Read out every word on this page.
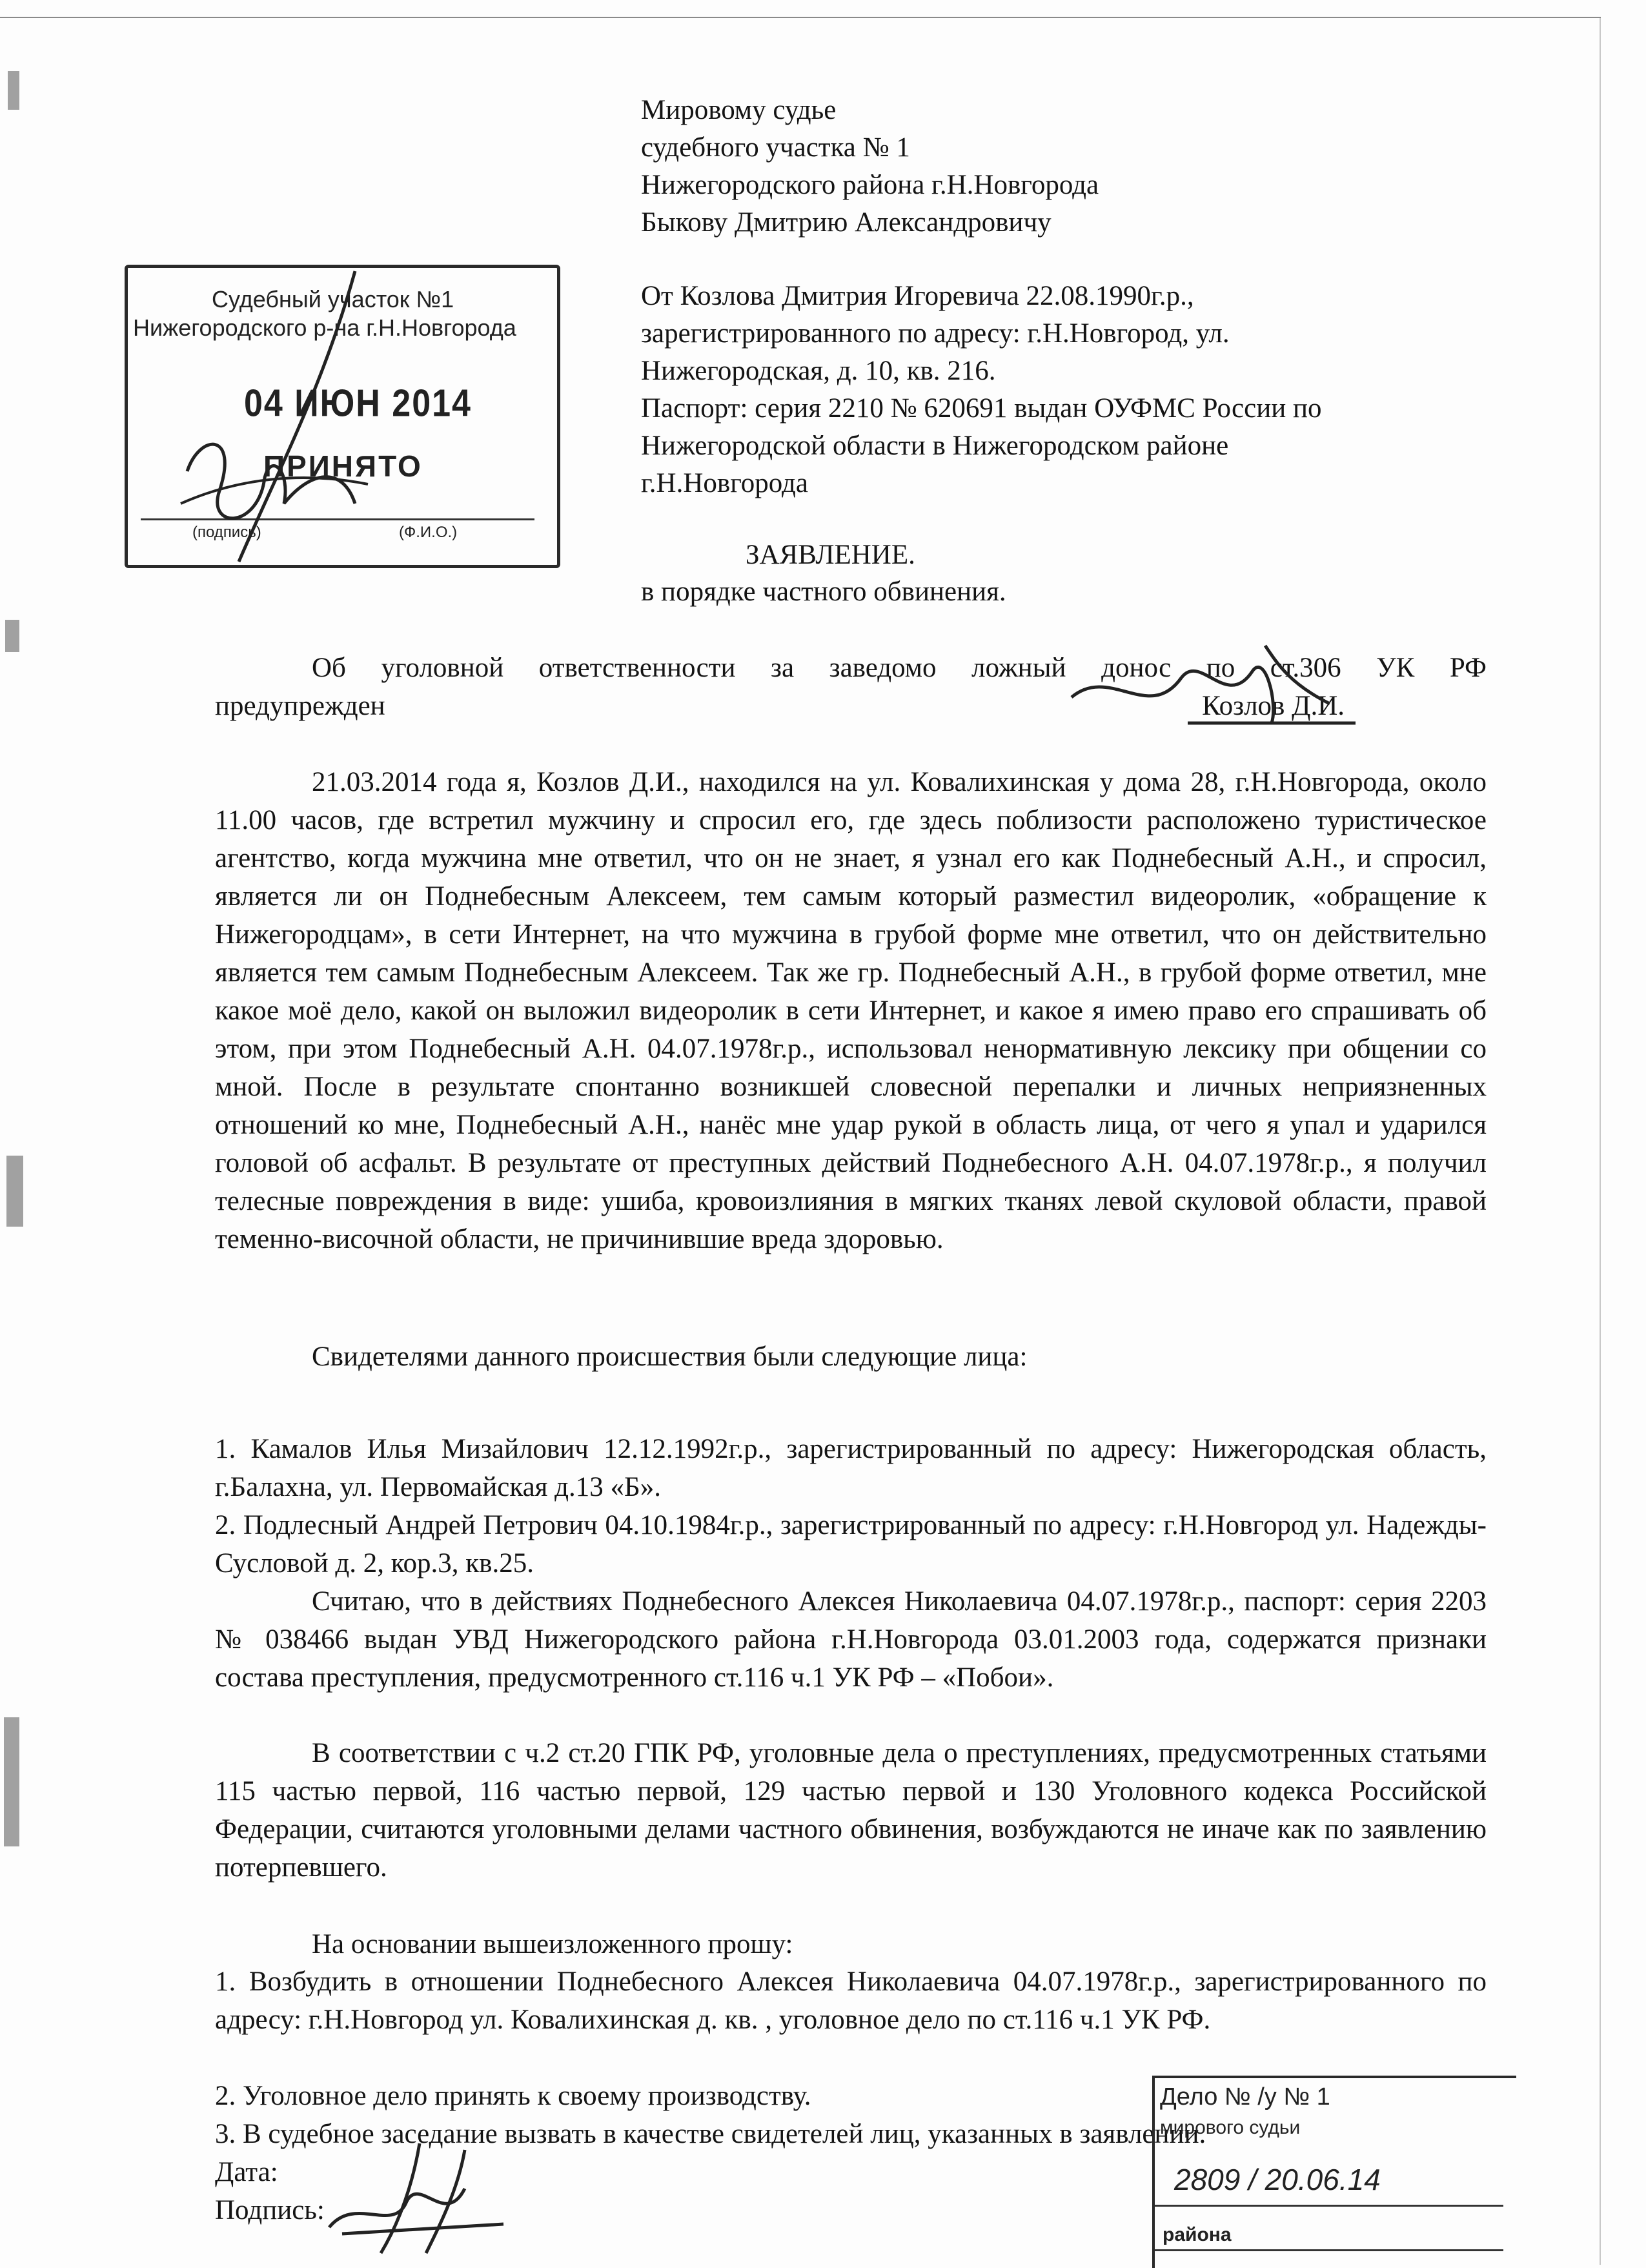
Мировому судье
судебного участка № 1
Нижегородского района г.Н.Новгорода
Быкову Дмитрию Александровичу
От Козлова Дмитрия Игоревича 22.08.1990г.р.,
зарегистрированного по адресу: г.Н.Новгород, ул.
Нижегородская, д. 10, кв. 216.
Паспорт: серия 2210 № 620691 выдан ОУФМС России по
Нижегородской области в Нижегородском районе
г.Н.Новгорода
Судебный участок №1
Нижегородского р-на г.Н.Новгорода
04 ИЮН 2014
ПРИНЯТО
(подпись)	(Ф.И.О.)
ЗАЯВЛЕНИЕ.
в порядке частного обвинения.
Об уголовной ответственности за заведомо ложный донос по ст.306 УК РФ
предупрежден	Козлов Д.И.
21.03.2014 года я, Козлов Д.И., находился на ул. Ковалихинская у дома 28, г.Н.Новгорода, около 11.00 часов, где встретил мужчину и спросил его, где здесь поблизости расположено туристическое агентство, когда мужчина мне ответил, что он не знает, я узнал его как Поднебесный А.Н., и спросил, является ли он Поднебесным Алексеем, тем самым который разместил видеоролик, «обращение к Нижегородцам», в сети Интернет, на что мужчина в грубой форме мне ответил, что он действительно является тем самым Поднебесным Алексеем. Так же гр. Поднебесный А.Н., в грубой форме ответил, мне какое моё дело, какой он выложил видеоролик в сети Интернет, и какое я имею право его спрашивать об этом, при этом Поднебесный А.Н. 04.07.1978г.р., использовал ненормативную лексику при общении со мной. После в результате спонтанно возникшей словесной перепалки и личных неприязненных отношений ко мне, Поднебесный А.Н., нанёс мне удар рукой в область лица, от чего я упал и ударился головой об асфальт. В результате от преступных действий Поднебесного А.Н. 04.07.1978г.р., я получил телесные повреждения в виде: ушиба, кровоизлияния в мягких тканях левой скуловой области, правой теменно-височной области, не причинившие вреда здоровью.
Свидетелями данного происшествия были следующие лица:
1. Камалов Илья Мизайлович 12.12.1992г.р., зарегистрированный по адресу: Нижегородская область, г.Балахна, ул. Первомайская д.13 «Б».
2. Подлесный Андрей Петрович 04.10.1984г.р., зарегистрированный по адресу: г.Н.Новгород ул. Надежды-Сусловой д. 2, кор.3, кв.25.
Считаю, что в действиях Поднебесного Алексея Николаевича 04.07.1978г.р., паспорт: серия 2203 № 038466 выдан УВД Нижегородского района г.Н.Новгорода 03.01.2003 года, содержатся признаки состава преступления, предусмотренного ст.116 ч.1 УК РФ – «Побои».
В соответствии с ч.2 ст.20 ГПК РФ, уголовные дела о преступлениях, предусмотренных статьями 115 частью первой, 116 частью первой, 129 частью первой и 130 Уголовного кодекса Российской Федерации, считаются уголовными делами частного обвинения, возбуждаются не иначе как по заявлению потерпевшего.
На основании вышеизложенного прошу:
1. Возбудить в отношении Поднебесного Алексея Николаевича 04.07.1978г.р., зарегистрированного по адресу: г.Н.Новгород ул. Ковалихинская д. кв. , уголовное дело по ст.116 ч.1 УК РФ.
2. Уголовное дело принять к своему производству.
3. В судебное заседание вызвать в качестве свидетелей лиц, указанных в заявлении.
Дата:
Подпись:
Дело № /у № 1
мирового судьи
2809 / 20.06.14
района
